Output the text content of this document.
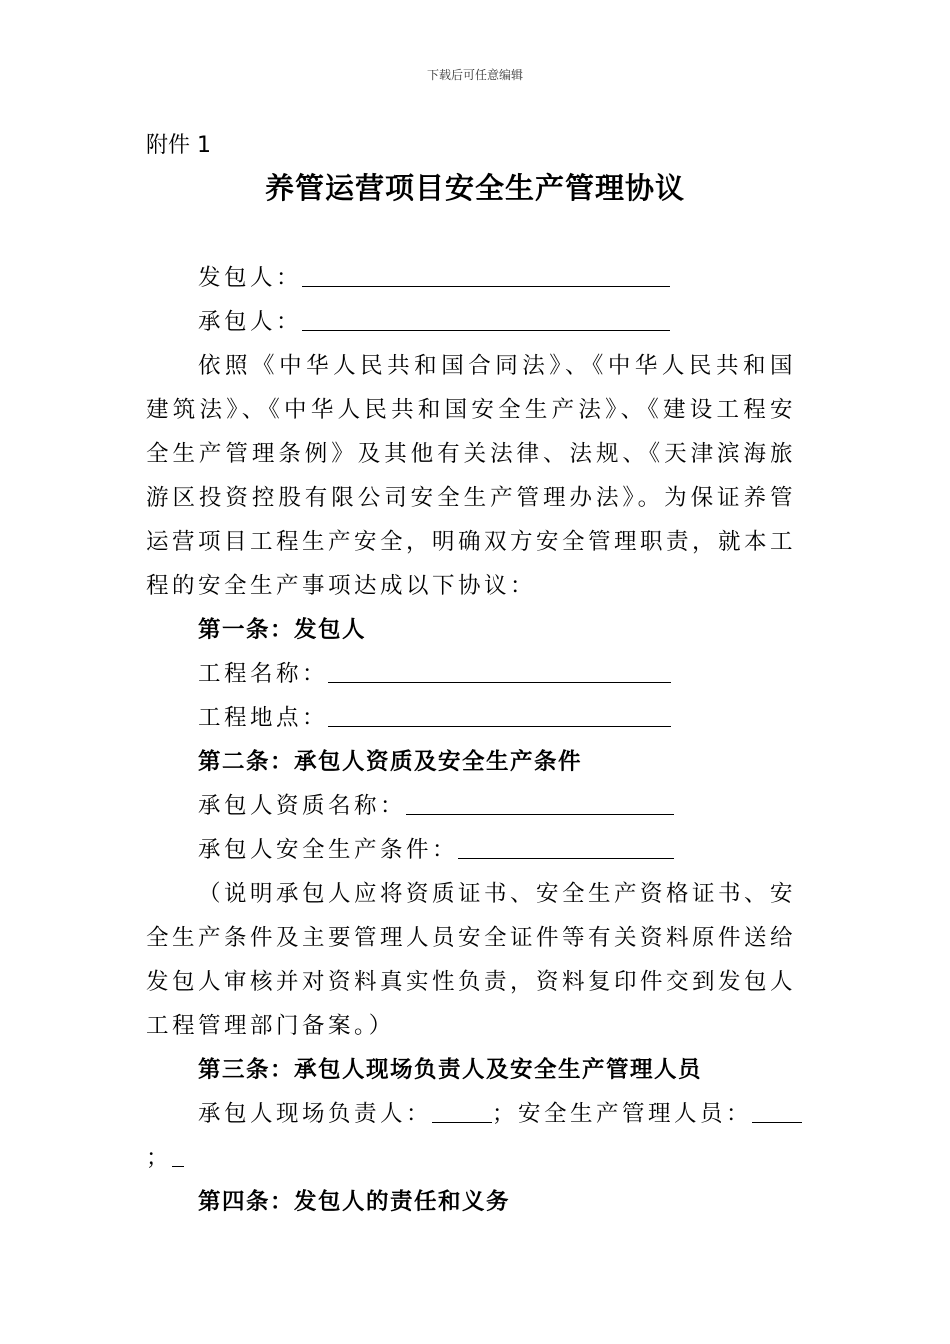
下载后可任意编辑
附件 1
养管运营项目安全生产管理协议
发包人：
承包人：
依照《中华人民共和国合同法》、《中华人民共和国建筑法》、《中华人民共和国安全生产法》、《建设工程安全生产管理条例》及其他有关法律、法规、《天津滨海旅游区投资控股有限公司安全生产管理办法》。为保证养管运营项目工程生产安全，明确双方安全管理职责，就本工程的安全生产事项达成以下协议：
第一条：发包人
工程名称：
工程地点：
第二条：承包人资质及安全生产条件
承包人资质名称：
承包人安全生产条件：
（说明承包人应将资质证书、安全生产资格证书、安全生产条件及主要管理人员安全证件等有关资料原件送给发包人审核并对资料真实性负责，资料复印件交到发包人工程管理部门备案。）
第三条：承包人现场负责人及安全生产管理人员
承包人现场负责人：	；安全生产管理人员：
；
第四条：发包人的责任和义务
